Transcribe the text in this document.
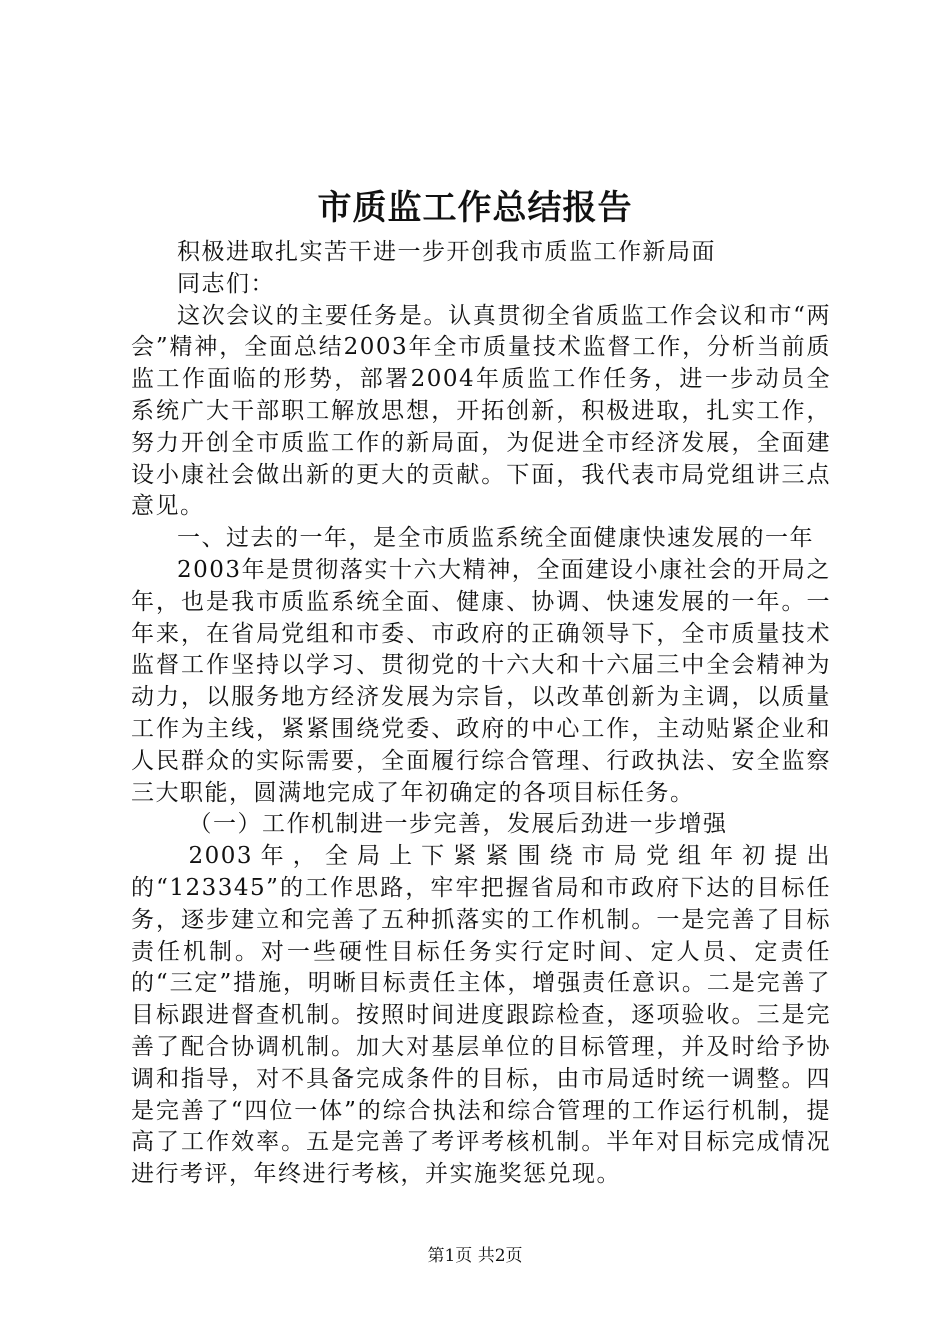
市质监工作总结报告

积极进取扎实苦干进一步开创我市质监工作新局面

同志们：

这次会议的主要任务是。认真贯彻全省质监工作会议和市“两会”精神，全面总结2003年全市质量技术监督工作，分析当前质监工作面临的形势，部署2004年质监工作任务，进一步动员全系统广大干部职工解放思想，开拓创新，积极进取，扎实工作，努力开创全市质监工作的新局面，为促进全市经济发展，全面建设小康社会做出新的更大的贡献。下面，我代表市局党组讲三点意见。

一、过去的一年，是全市质监系统全面健康快速发展的一年

2003年是贯彻落实十六大精神，全面建设小康社会的开局之年，也是我市质监系统全面、健康、协调、快速发展的一年。一年来，在省局党组和市委、市政府的正确领导下，全市质量技术监督工作坚持以学习、贯彻党的十六大和十六届三中全会精神为动力，以服务地方经济发展为宗旨，以改革创新为主调，以质量工作为主线，紧紧围绕党委、政府的中心工作，主动贴紧企业和人民群众的实际需要，全面履行综合管理、行政执法、安全监察三大职能，圆满地完成了年初确定的各项目标任务。

（一）工作机制进一步完善，发展后劲进一步增强

2003年，全局上下紧紧围绕市局党组年初提出的“123345”的工作思路，牢牢把握省局和市政府下达的目标任务，逐步建立和完善了五种抓落实的工作机制。一是完善了目标责任机制。对一些硬性目标任务实行定时间、定人员、定责任的“三定”措施，明晰目标责任主体，增强责任意识。二是完善了目标跟进督查机制。按照时间进度跟踪检查，逐项验收。三是完善了配合协调机制。加大对基层单位的目标管理，并及时给予协调和指导，对不具备完成条件的目标，由市局适时统一调整。四是完善了“四位一体”的综合执法和综合管理的工作运行机制，提高了工作效率。五是完善了考评考核机制。半年对目标完成情况进行考评，年终进行考核，并实施奖惩兑现。

第1页 共2页
